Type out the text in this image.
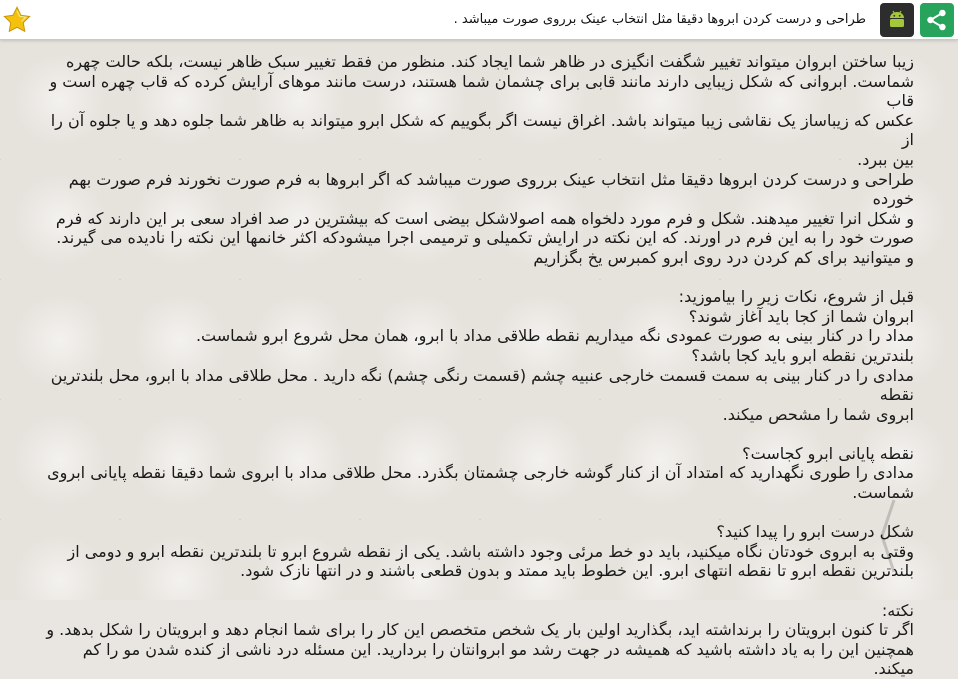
طراحی و درست کردن ابروها دقیقا مثل انتخاب عینک برروی صورت میباشد .
زیبا ساختن ابروان میتواند تغییر شگفت انگیزی در ظاهر شما ایجاد کند. منظور من فقط تغییر سبک ظاهر نیست، بلکه حالت چهره
شماست. ابروانی که شکل زیبایی دارند مانند قابی برای چشمان شما هستند، درست مانند موهای آرایش کرده که قاب چهره است و قاب
عکس که زیباساز یک نقاشی زیبا میتواند باشد. اغراق نیست اگر بگوییم که شکل ابرو میتواند به ظاهر شما جلوه دهد و یا جلوه آن را از
بین ببرد.
طراحی و درست کردن ابروها دقیقا مثل انتخاب عینک برروی صورت میباشد که اگر ابروها به فرم صورت نخورند فرم صورت بهم خورده
و شکل انرا تغییر میدهند. شکل و فرم مورد دلخواه همه اصولاشکل بیضی است که بیشترین در صد افراد سعی بر این دارند که فرم
صورت خود را به این فرم در اورند. که این نکته در ارایش تکمیلی و ترمیمی اجرا میشودکه اکثر خانمها این نکته را نادیده می گیرند.
و میتوانید برای کم کردن درد روی ابرو کمبرس یخ بگزاریم
قبل از شروع، نکات زیر را بیاموزید:
ابروان شما از کجا باید آغاز شوند؟
مداد را در کنار بینی به صورت عمودی نگه میداریم نقطه طلاقی مداد با ابرو، همان محل شروع ابرو شماست.
بلندترین نقطه ابرو باید کجا باشد؟
مدادی را در کنار بینی به سمت قسمت خارجی عنبیه چشم (قسمت رنگی چشم) نگه دارید . محل طلاقی مداد با ابرو، محل بلندترین نقطه
ابروی شما را مشحص میکند.
نقطه پایانی ابرو کجاست؟
مدادی را طوری نگهدارید که امتداد آن از کنار گوشه خارجی چشمتان بگذرد. محل طلاقی مداد با ابروی شما دقیقا نقطه پایانی ابروی
شماست.
شکل درست ابرو را پیدا کنید؟
وقتی به ابروی خودتان نگاه میکنید، باید دو خط مرئی وجود داشته باشد. یکی از نقطه شروع ابرو تا بلندترین نقطه ابرو و دومی از
بلندترین نقطه ابرو تا نقطه انتهای ابرو. این خطوط باید ممتد و بدون قطعی باشند و در انتها نازک شود.
نکته:
اگر تا کنون ابرویتان را برنداشته اید، بگذارید اولین بار یک شخص متخصص این کار را برای شما انجام دهد و ابرویتان را شکل بدهد. و
همچنین این را به یاد داشته باشید که همیشه در جهت رشد مو ابروانتان را بردارید. این مسئله درد ناشی از کنده شدن مو را کم میکند.
